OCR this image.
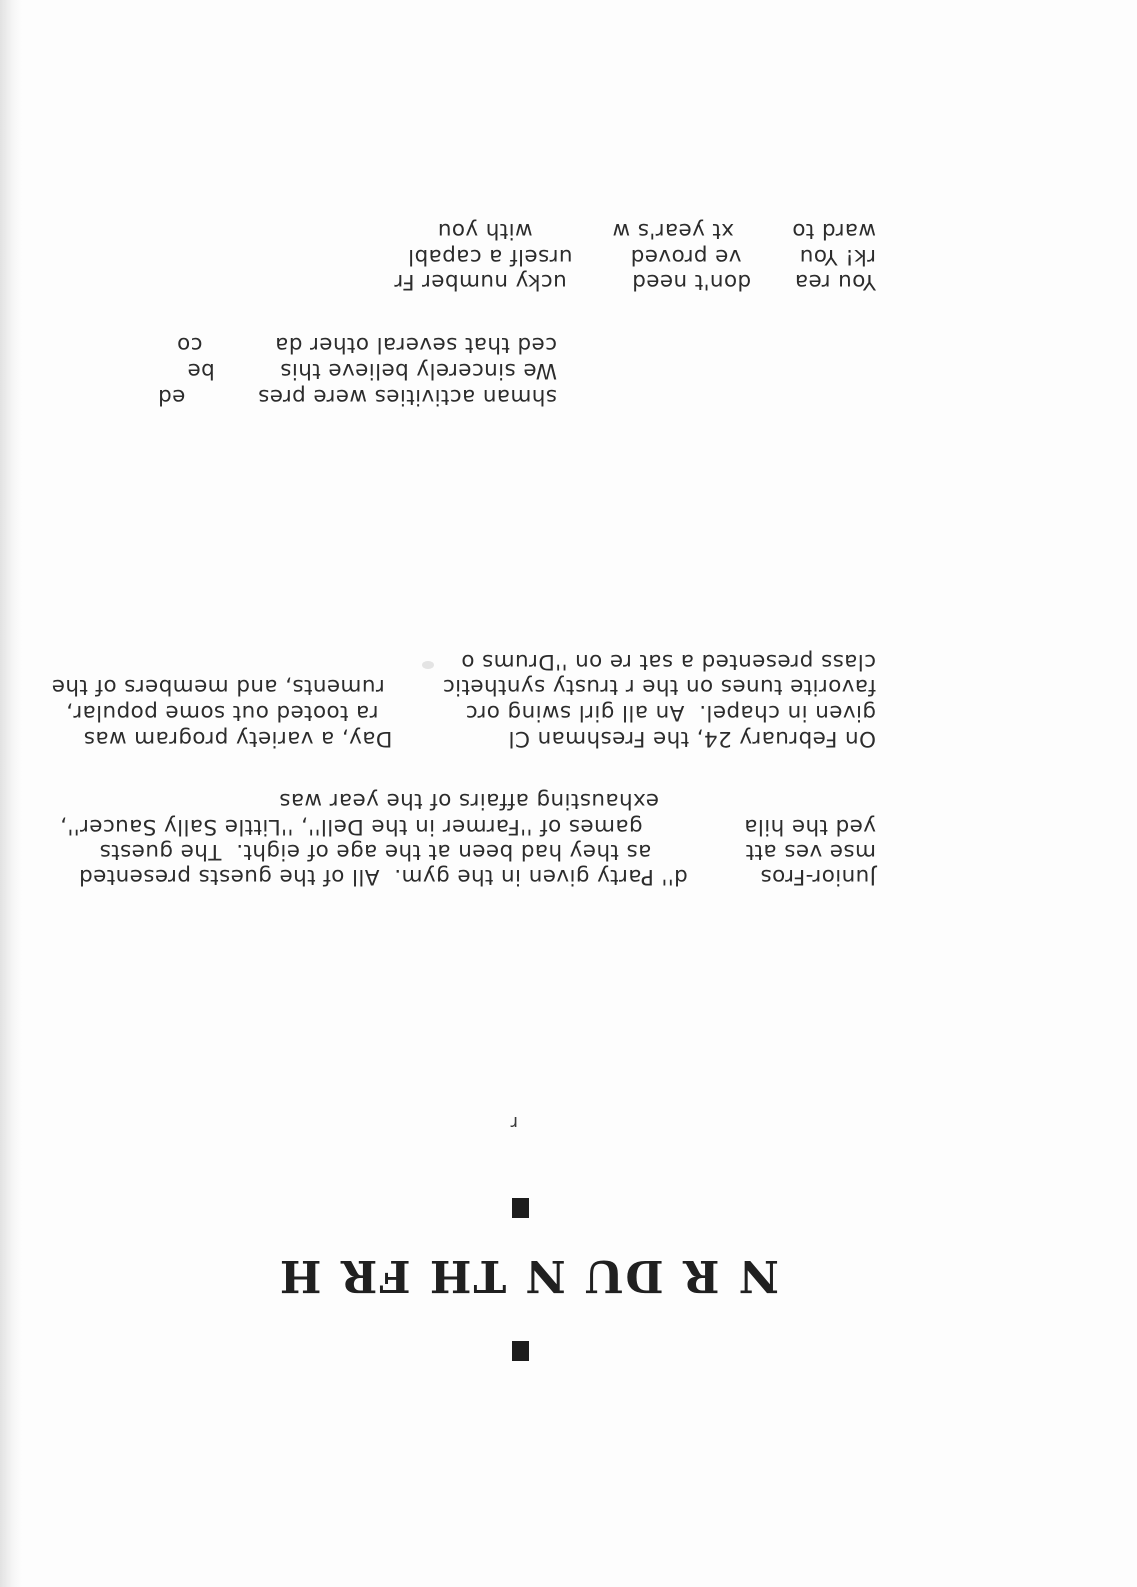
N R DU N TH FR H
r
Junior-Fros          d'' Party given in the gym.  All of the guests presented
mse ves att             as they had been at the age of eight.  The guests
yed the hila              games of ''Farmer in the Dell'', ''Little Sally Saucer'',
exhausting affairs of the year was
On February 24, the Freshman Cl                Day, a variety program was
given in chapel.  An all girl swing orc            ra tooted out some popular,
favorite tunes on the r trusty synthetic        ruments, and members of the
class presented a sat re on ''Drums o
shman activities were pres          ed
We sincerely believe this         be
ced that several other da          co
You rea      don't need         ucky number Fr
rk! You        ve proved        urself a capabl
ward to        xt year's w           with you
